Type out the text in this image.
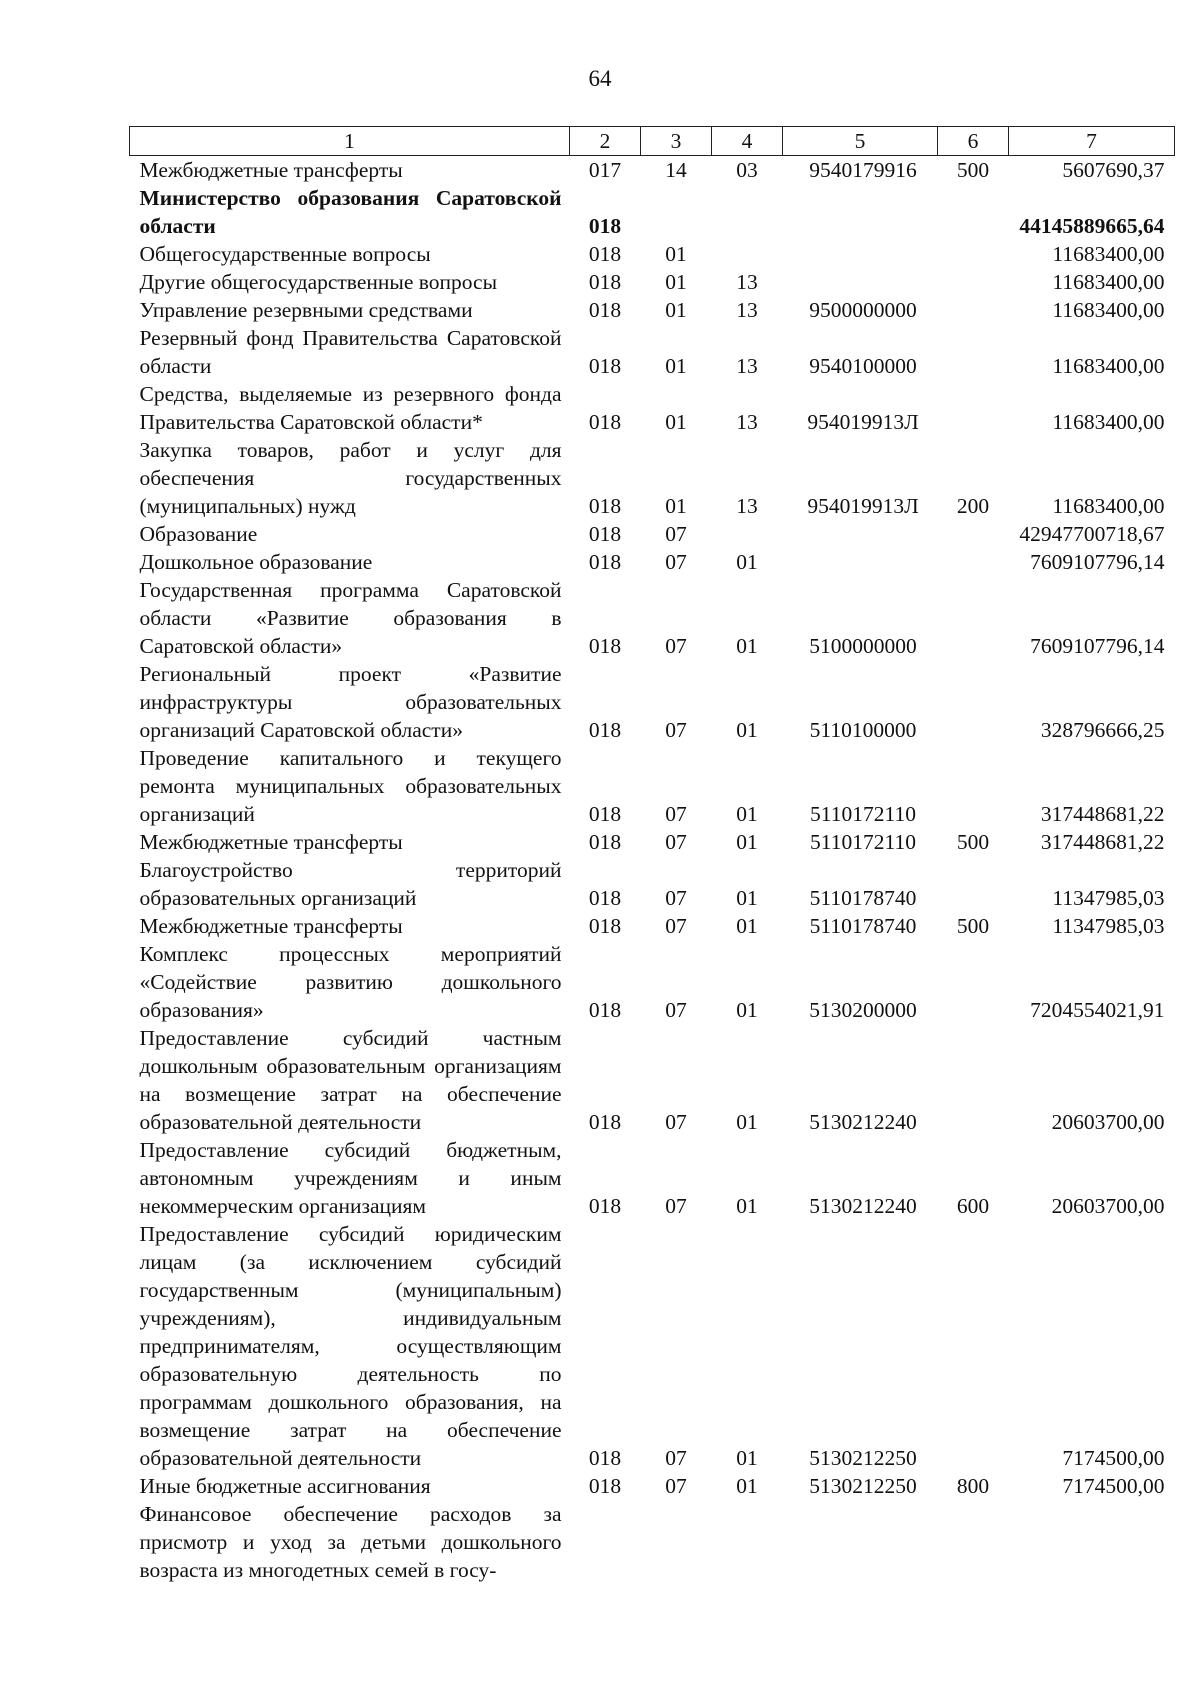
64
1	2	3	4	5	6	7
Межбюджетные трансферты	017	14	03	9540179916	500	5607690,37
Министерство образования Саратовской области	018					44145889665,64
Общегосударственные вопросы	018	01				11683400,00
Другие общегосударственные вопросы	018	01	13			11683400,00
Управление резервными средствами	018	01	13	9500000000		11683400,00
Резервный фонд Правительства Саратовской области	018	01	13	9540100000		11683400,00
Средства, выделяемые из резервного фонда Правительства Саратовской области*	018	01	13	954019913Л		11683400,00
Закупка товаров, работ и услуг для обеспечения государственных (муниципальных) нужд	018	01	13	954019913Л	200	11683400,00
Образование	018	07				42947700718,67
Дошкольное образование	018	07	01			7609107796,14
Государственная программа Саратовской области «Развитие образования в Саратовской области»	018	07	01	5100000000		7609107796,14
Региональный проект «Развитие инфраструктуры образовательных организаций Саратовской области»	018	07	01	5110100000		328796666,25
Проведение капитального и текущего ремонта муниципальных образовательных организаций	018	07	01	5110172110		317448681,22
Межбюджетные трансферты	018	07	01	5110172110	500	317448681,22
Благоустройство территорий образовательных организаций	018	07	01	5110178740		11347985,03
Межбюджетные трансферты	018	07	01	5110178740	500	11347985,03
Комплекс процессных мероприятий «Содействие развитию дошкольного образования»	018	07	01	5130200000		7204554021,91
Предоставление субсидий частным дошкольным образовательным организациям на возмещение затрат на обеспечение образовательной деятельности	018	07	01	5130212240		20603700,00
Предоставление субсидий бюджетным, автономным учреждениям и иным некоммерческим организациям	018	07	01	5130212240	600	20603700,00
Предоставление субсидий юридическим лицам (за исключением субсидий государственным (муниципальным) учреждениям), индивидуальным предпринимателям, осуществляющим образовательную деятельность по программам дошкольного образования, на возмещение затрат на обеспечение образовательной деятельности	018	07	01	5130212250		7174500,00
Иные бюджетные ассигнования	018	07	01	5130212250	800	7174500,00
Финансовое обеспечение расходов за присмотр и уход за детьми дошкольного возраста из многодетных семей в госу-						
